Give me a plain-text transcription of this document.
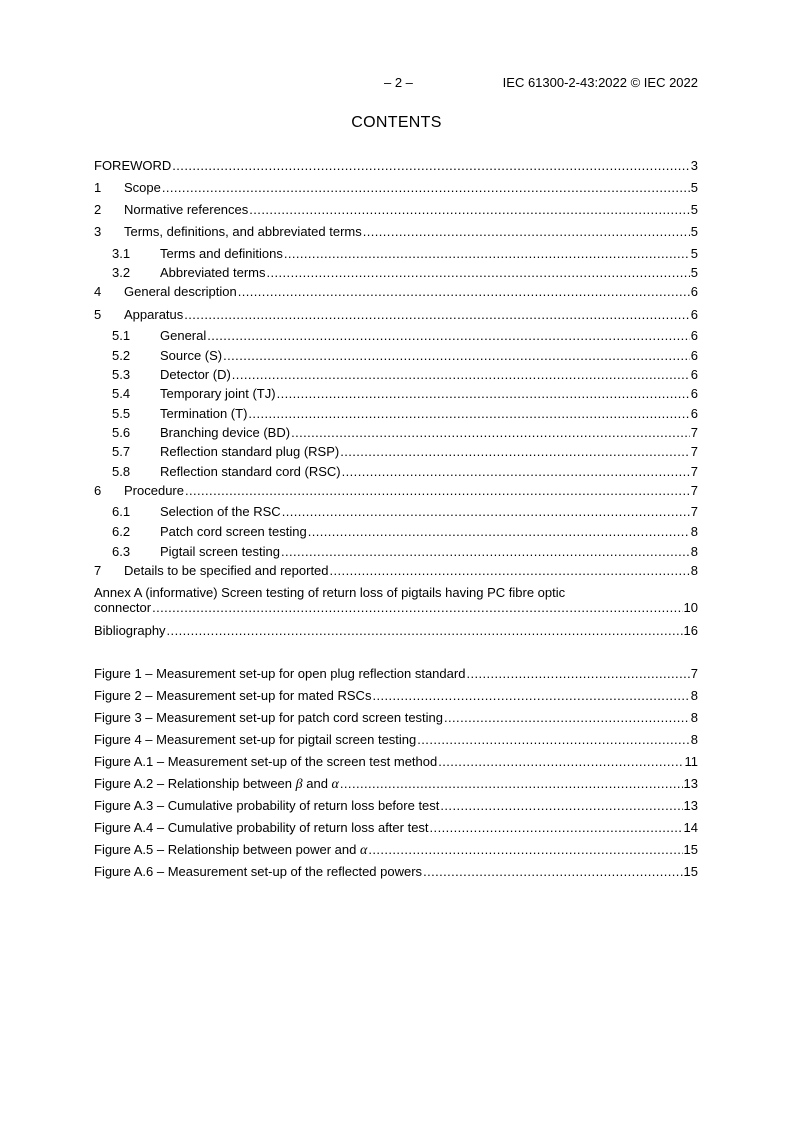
– 2 –	IEC 61300-2-43:2022 © IEC 2022
CONTENTS
FOREWORD .....	3
1	Scope .....	5
2	Normative references .....	5
3	Terms, definitions, and abbreviated terms .....	5
3.1	Terms and definitions .....	5
3.2	Abbreviated terms .....	5
4	General description .....	6
5	Apparatus .....	6
5.1	General .....	6
5.2	Source (S) .....	6
5.3	Detector (D) .....	6
5.4	Temporary joint (TJ) .....	6
5.5	Termination (T) .....	6
5.6	Branching device (BD) .....	7
5.7	Reflection standard plug (RSP) .....	7
5.8	Reflection standard cord (RSC) .....	7
6	Procedure .....	7
6.1	Selection of the RSC .....	7
6.2	Patch cord screen testing .....	8
6.3	Pigtail screen testing .....	8
7	Details to be specified and reported .....	8
Annex A (informative) Screen testing of return loss of pigtails having PC fibre optic
connector .....	10
Bibliography .....	16
Figure 1 – Measurement set-up for open plug reflection standard .....	7
Figure 2 – Measurement set-up for mated RSCs .....	8
Figure 3 – Measurement set-up for patch cord screen testing .....	8
Figure 4 – Measurement set-up for pigtail screen testing .....	8
Figure A.1 – Measurement set-up of the screen test method .....	11
Figure A.2 – Relationship between β and α .....	13
Figure A.3 – Cumulative probability of return loss before test .....	13
Figure A.4 – Cumulative probability of return loss after test .....	14
Figure A.5 – Relationship between power and α .....	15
Figure A.6 – Measurement set-up of the reflected powers .....	15
